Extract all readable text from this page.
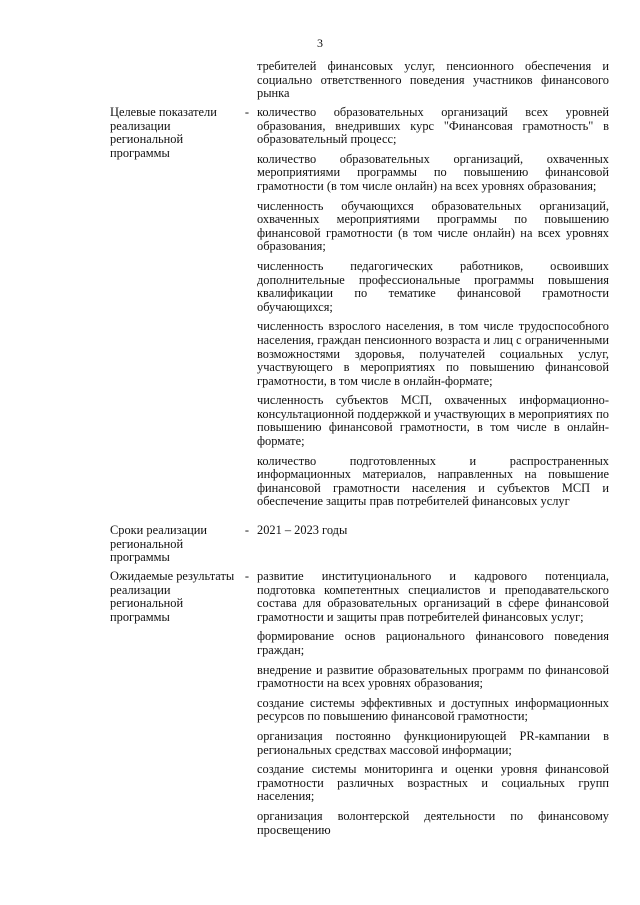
3

требителей финансовых услуг, пенсионного обеспечения и социально ответственного поведения участников финансового рынка

Целевые показатели реализации региональной программы
- количество образовательных организаций всех уровней образования, внедривших курс "Финансовая грамотность" в образовательный процесс;

количество образовательных организаций, охваченных мероприятиями программы по повышению финансовой грамотности (в том числе онлайн) на всех уровнях образования;

численность обучающихся образовательных организаций, охваченных мероприятиями программы по повышению финансовой грамотности (в том числе онлайн) на всех уровнях образования;

численность педагогических работников, освоивших дополнительные профессиональные программы повышения квалификации по тематике финансовой грамотности обучающихся;

численность взрослого населения, в том числе трудоспособного населения, граждан пенсионного возраста и лиц с ограниченными возможностями здоровья, получателей социальных услуг, участвующего в мероприятиях по повышению финансовой грамотности, в том числе в онлайн-формате;

численность субъектов МСП, охваченных информационно-консультационной поддержкой и участвующих в мероприятиях по повышению финансовой грамотности, в том числе в онлайн-формате;

количество подготовленных и распространенных информационных материалов, направленных на повышение финансовой грамотности населения и субъектов МСП и обеспечение защиты прав потребителей финансовых услуг

Сроки реализации региональной программы
- 2021 – 2023 годы

Ожидаемые результаты реализации региональной программы
- развитие институционального и кадрового потенциала, подготовка компетентных специалистов и преподавательского состава для образовательных организаций в сфере финансовой грамотности и защиты прав потребителей финансовых услуг;

формирование основ рационального финансового поведения граждан;

внедрение и развитие образовательных программ по финансовой грамотности на всех уровнях образования;

создание системы эффективных и доступных информационных ресурсов по повышению финансовой грамотности;

организация постоянно функционирующей PR-кампании в региональных средствах массовой информации;

создание системы мониторинга и оценки уровня финансовой грамотности различных возрастных и социальных групп населения;

организация волонтерской деятельности по финансовому просвещению
